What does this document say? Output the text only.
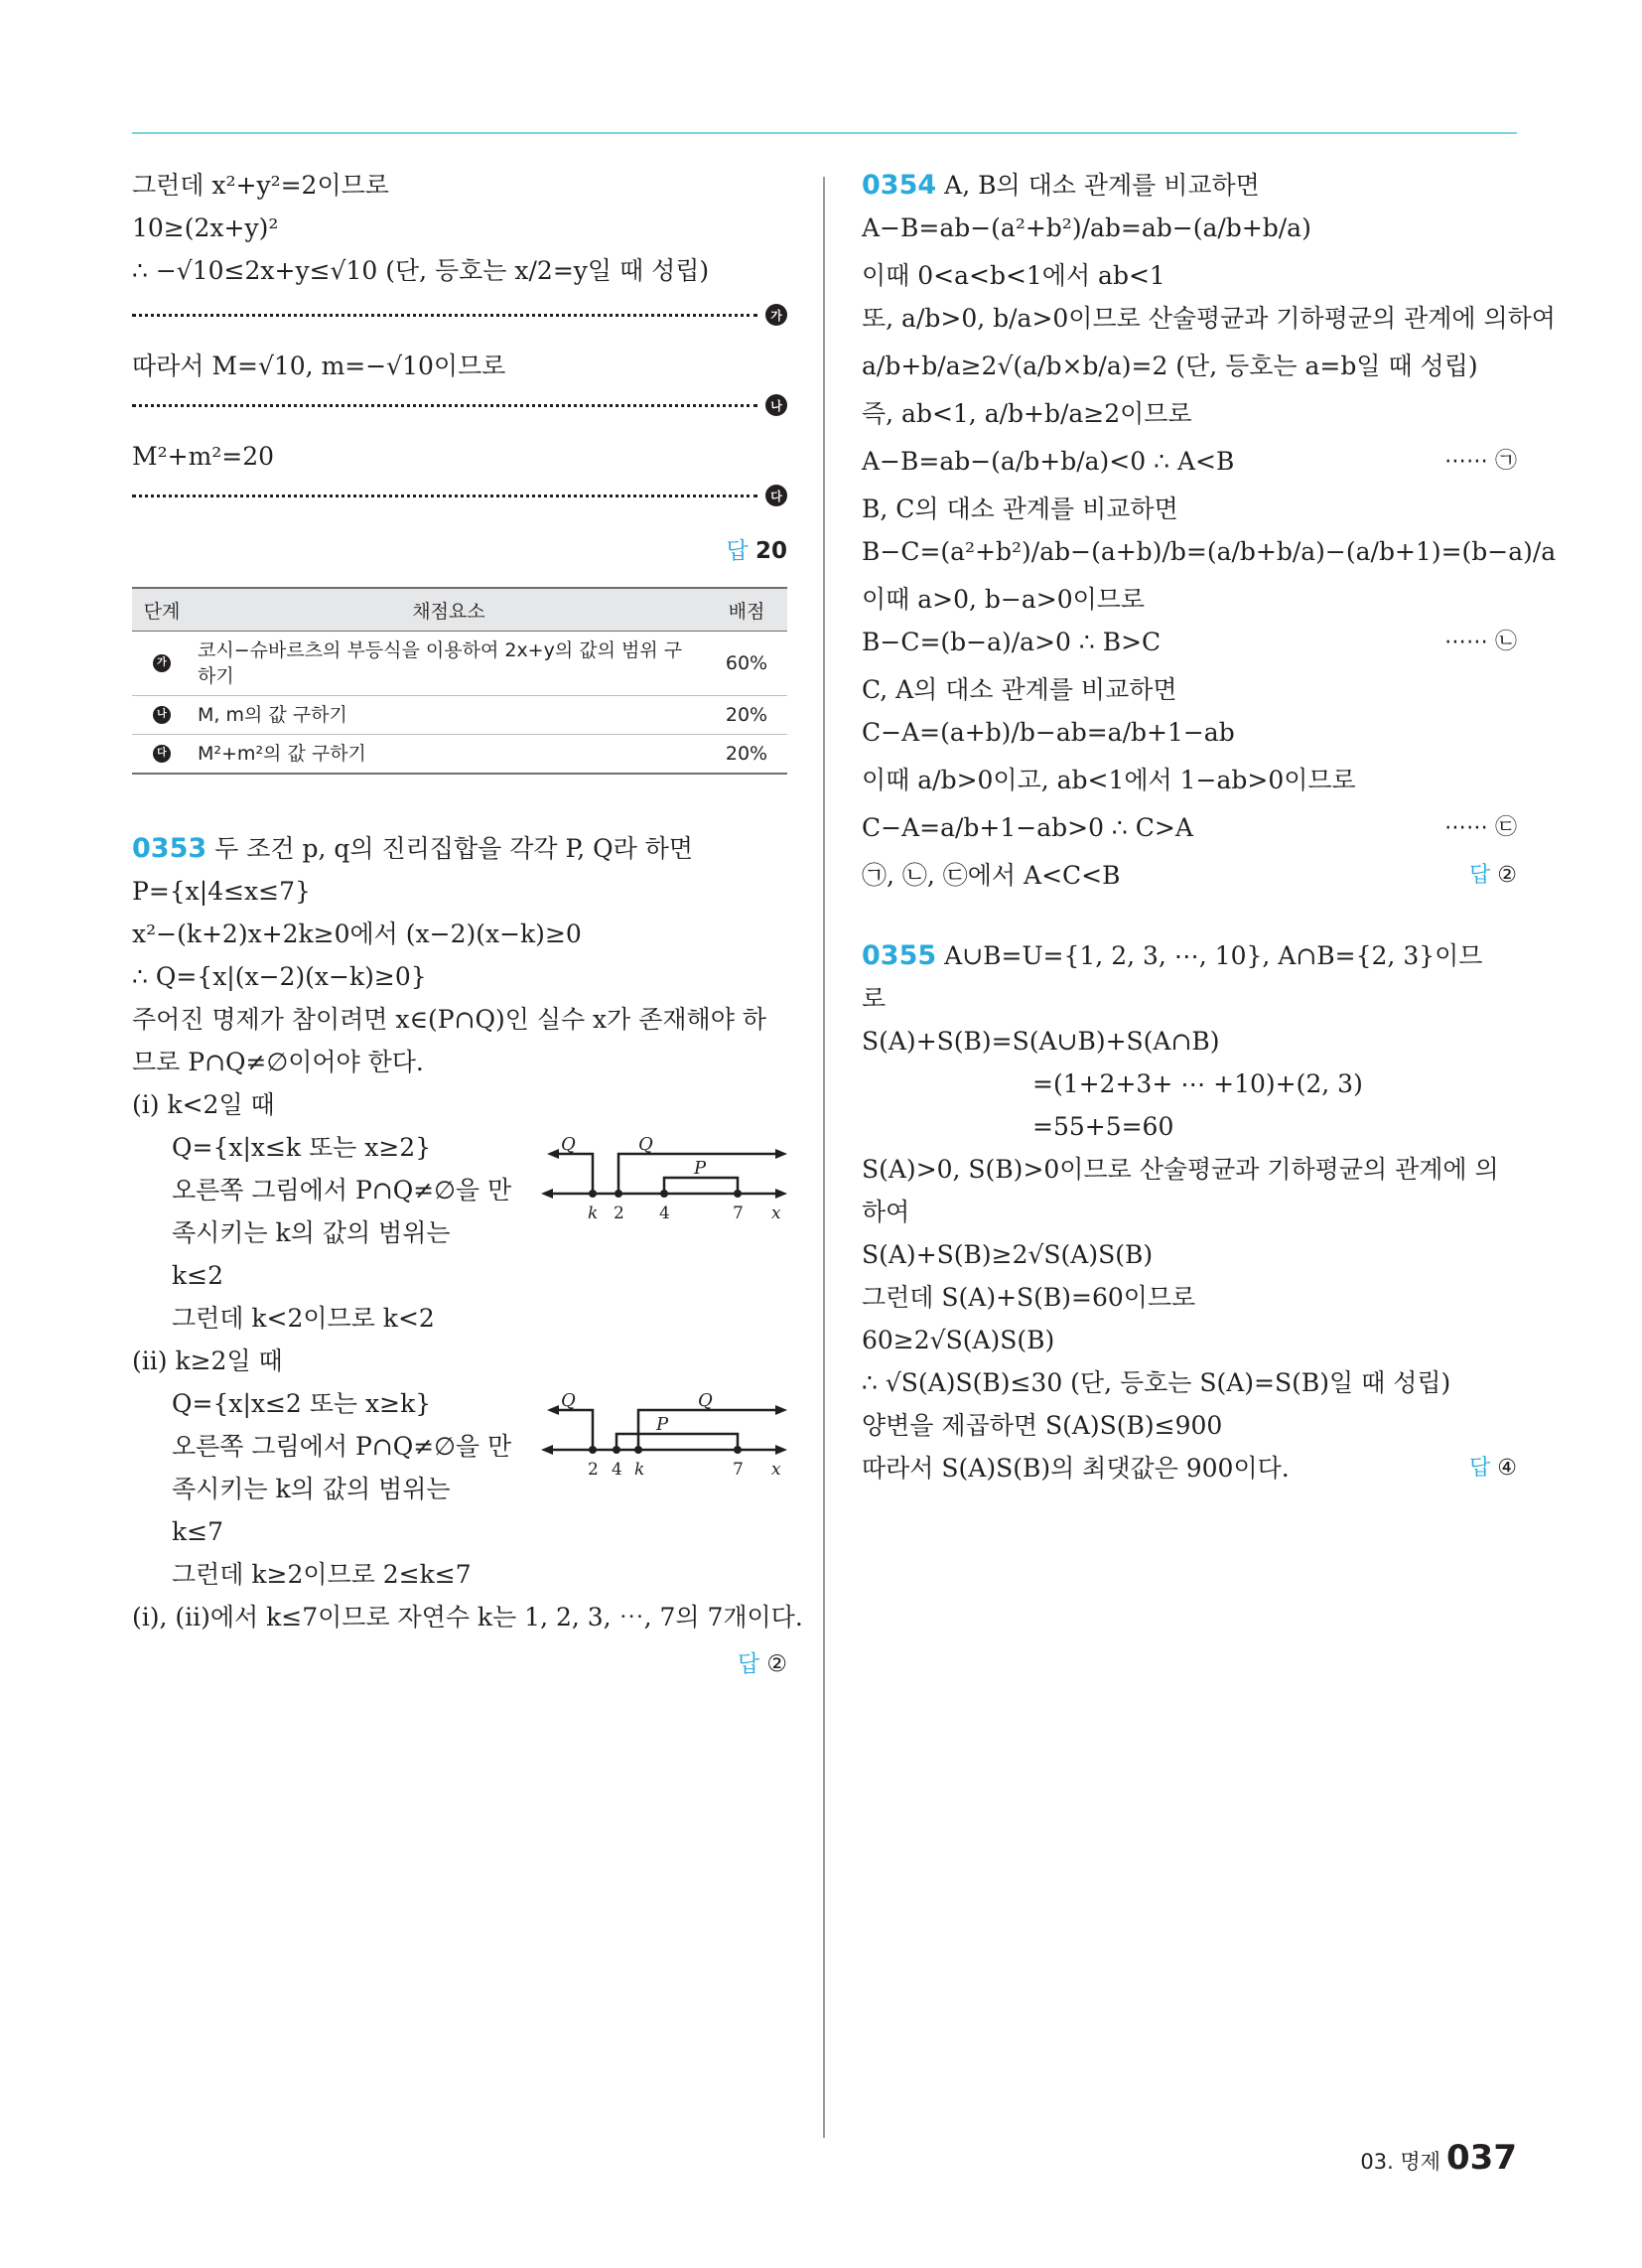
그런데 x²+y²=2이므로
10≥(2x+y)²
∴ −√10≤2x+y≤√10 (단, 등호는 x/2=y일 때 성립)
가
따라서 M=√10, m=−√10이므로
나
M²+m²=20
다
답 20
단계	채점요소	배점

가	코시−슈바르츠의 부등식을 이용하여 2x+y의 값의 범위 구하기	60%

나	M, m의 값 구하기	20%

다	M²+m²의 값 구하기	20%
0353 두 조건 p, q의 진리집합을 각각 P, Q라 하면
P={x|4≤x≤7}
x²−(k+2)x+2k≥0에서 (x−2)(x−k)≥0
∴ Q={x|(x−2)(x−k)≥0}
주어진 명제가 참이려면 x∈(P∩Q)인 실수 x가 존재해야 하
므로 P∩Q≠∅이어야 한다.
(ⅰ) k<2일 때
Q={x|x≤k 또는 x≥2}
오른쪽 그림에서 P∩Q≠∅을 만
족시키는 k의 값의 범위는
k≤2
그런데 k<2이므로 k<2
Q	Q
P
k 2 4	7 x
(ⅱ) k≥2일 때
Q={x|x≤2 또는 x≥k}
오른쪽 그림에서 P∩Q≠∅을 만
족시키는 k의 값의 범위는
k≤7
그런데 k≥2이므로 2≤k≤7
Q	Q
P
2 4 k	7 x
(ⅰ), (ⅱ)에서 k≤7이므로 자연수 k는 1, 2, 3, ⋯, 7의 7개이다.
답 ②
0354 A, B의 대소 관계를 비교하면
A−B=ab−(a²+b²)/ab=ab−(a/b+b/a)
이때 0<a<b<1에서 ab<1
또, a/b>0, b/a>0이므로 산술평균과 기하평균의 관계에 의하여
a/b+b/a≥2√(a/b×b/a)=2 (단, 등호는 a=b일 때 성립)
즉, ab<1, a/b+b/a≥2이므로
A−B=ab−(a/b+b/a)<0 ∴ A<B	⋯⋯ ㉠
B, C의 대소 관계를 비교하면
B−C=(a²+b²)/ab−(a+b)/b=(a/b+b/a)−(a/b+1)=(b−a)/a
이때 a>0, b−a>0이므로
B−C=(b−a)/a>0 ∴ B>C	⋯⋯ ㉡
C, A의 대소 관계를 비교하면
C−A=(a+b)/b−ab=a/b+1−ab
이때 a/b>0이고, ab<1에서 1−ab>0이므로
C−A=a/b+1−ab>0 ∴ C>A	⋯⋯ ㉢
㉠, ㉡, ㉢에서 A<C<B	답 ②
0355 A∪B=U={1, 2, 3, ⋯, 10}, A∩B={2, 3}이므
로
S(A)+S(B)=S(A∪B)+S(A∩B)
=(1+2+3+ ⋯ +10)+(2, 3)
=55+5=60
S(A)>0, S(B)>0이므로 산술평균과 기하평균의 관계에 의
하여
S(A)+S(B)≥2√S(A)S(B)
그런데 S(A)+S(B)=60이므로
60≥2√S(A)S(B)
∴ √S(A)S(B)≤30 (단, 등호는 S(A)=S(B)일 때 성립)
양변을 제곱하면 S(A)S(B)≤900
따라서 S(A)S(B)의 최댓값은 900이다.	답 ④
03. 명제 037
